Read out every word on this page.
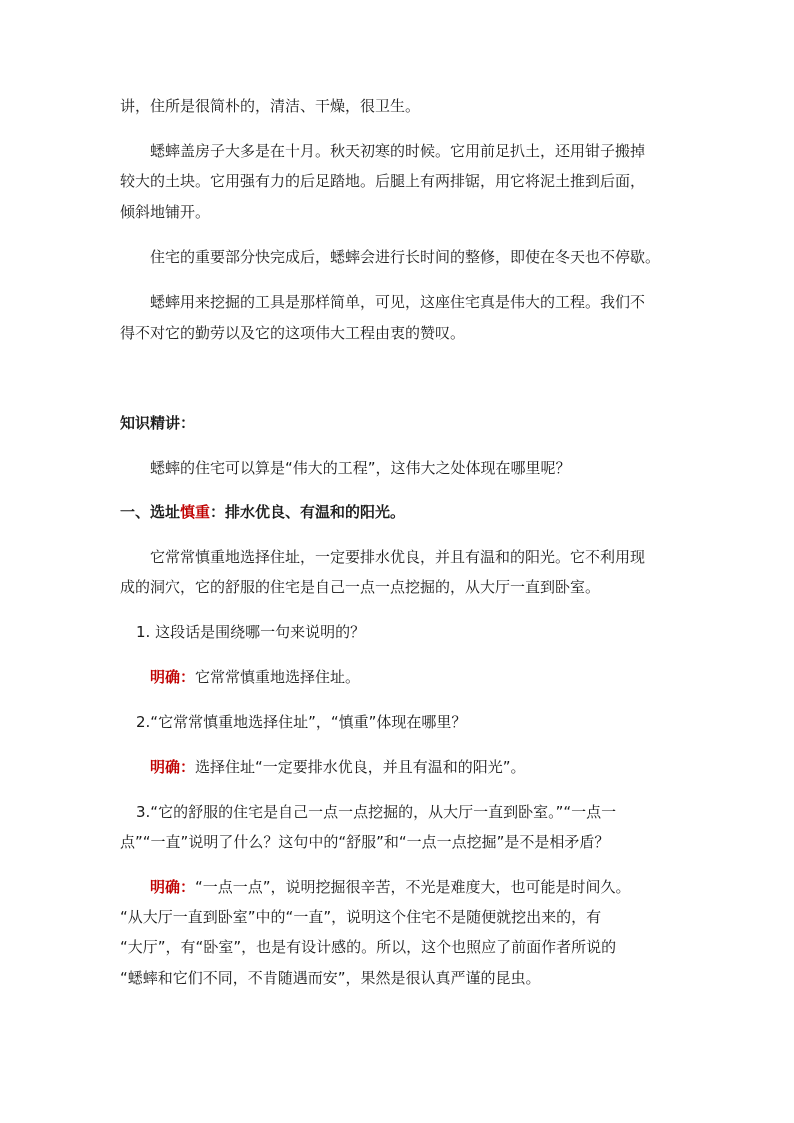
讲，住所是很简朴的，清洁、干燥，很卫生。
蟋蟀盖房子大多是在十月。秋天初寒的时候。它用前足扒土，还用钳子搬掉
较大的土块。它用强有力的后足踏地。后腿上有两排锯，用它将泥土推到后面，
倾斜地铺开。
住宅的重要部分快完成后，蟋蟀会进行长时间的整修，即使在冬天也不停歇。
蟋蟀用来挖掘的工具是那样简单，可见，这座住宅真是伟大的工程。我们不
得不对它的勤劳以及它的这项伟大工程由衷的赞叹。
知识精讲：
蟋蟀的住宅可以算是“伟大的工程”，这伟大之处体现在哪里呢？
一、选址慎重：排水优良、有温和的阳光。
它常常慎重地选择住址，一定要排水优良，并且有温和的阳光。它不利用现
成的洞穴，它的舒服的住宅是自己一点一点挖掘的，从大厅一直到卧室。
1. 这段话是围绕哪一句来说明的？
明确：它常常慎重地选择住址。
2.“它常常慎重地选择住址”，“慎重”体现在哪里？
明确：选择住址“一定要排水优良，并且有温和的阳光”。
3.“它的舒服的住宅是自己一点一点挖掘的，从大厅一直到卧室。”“一点一
点”“一直”说明了什么？这句中的“舒服”和“一点一点挖掘”是不是相矛盾？
明确：“一点一点”，说明挖掘很辛苦，不光是难度大，也可能是时间久。
“从大厅一直到卧室”中的“一直”，说明这个住宅不是随便就挖出来的，有
“大厅”，有“卧室”，也是有设计感的。所以，这个也照应了前面作者所说的
“蟋蟀和它们不同，不肯随遇而安”，果然是很认真严谨的昆虫。
